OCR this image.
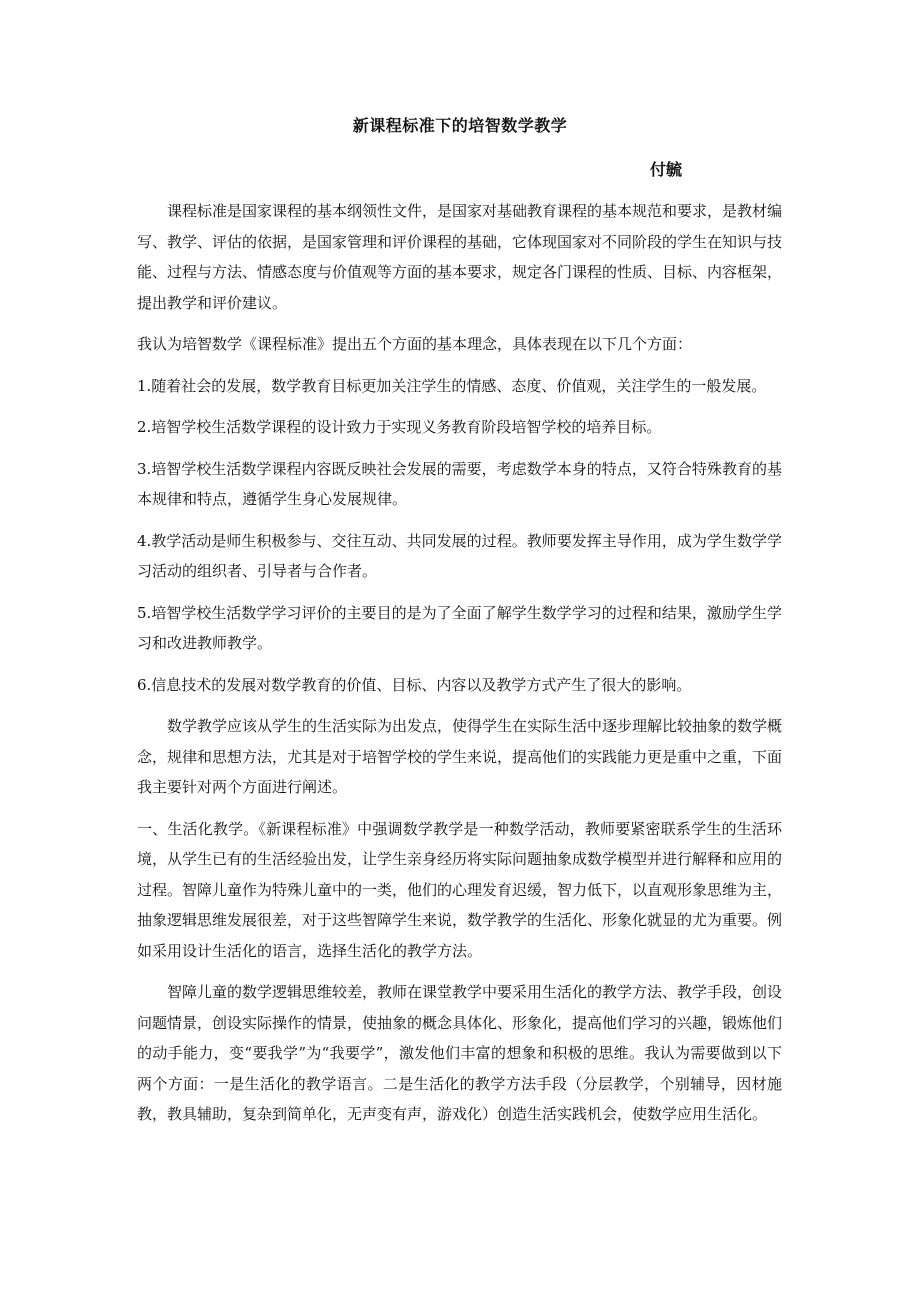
新课程标准下的培智数学教学
付毓

课程标准是国家课程的基本纲领性文件，是国家对基础教育课程的基本规范和要求，是教材编写、教学、评估的依据，是国家管理和评价课程的基础，它体现国家对不同阶段的学生在知识与技能、过程与方法、情感态度与价值观等方面的基本要求，规定各门课程的性质、目标、内容框架，提出教学和评价建议。

我认为培智数学《课程标准》提出五个方面的基本理念，具体表现在以下几个方面：

1.随着社会的发展，数学教育目标更加关注学生的情感、态度、价值观，关注学生的一般发展。

2.培智学校生活数学课程的设计致力于实现义务教育阶段培智学校的培养目标。

3.培智学校生活数学课程内容既反映社会发展的需要，考虑数学本身的特点，又符合特殊教育的基本规律和特点，遵循学生身心发展规律。

4.教学活动是师生积极参与、交往互动、共同发展的过程。教师要发挥主导作用，成为学生数学学习活动的组织者、引导者与合作者。

5.培智学校生活数学学习评价的主要目的是为了全面了解学生数学学习的过程和结果，激励学生学习和改进教师教学。

6.信息技术的发展对数学教育的价值、目标、内容以及教学方式产生了很大的影响。

数学教学应该从学生的生活实际为出发点，使得学生在实际生活中逐步理解比较抽象的数学概念，规律和思想方法，尤其是对于培智学校的学生来说，提高他们的实践能力更是重中之重，下面我主要针对两个方面进行阐述。

一、生活化教学。《新课程标准》中强调数学教学是一种数学活动，教师要紧密联系学生的生活环境，从学生已有的生活经验出发，让学生亲身经历将实际问题抽象成数学模型并进行解释和应用的过程。智障儿童作为特殊儿童中的一类，他们的心理发育迟缓，智力低下，以直观形象思维为主，抽象逻辑思维发展很差，对于这些智障学生来说，数学教学的生活化、形象化就显的尤为重要。例如采用设计生活化的语言，选择生活化的教学方法。

智障儿童的数学逻辑思维较差，教师在课堂教学中要采用生活化的教学方法、教学手段，创设问题情景，创设实际操作的情景，使抽象的概念具体化、形象化，提高他们学习的兴趣，锻炼他们的动手能力，变“要我学”为“我要学”，激发他们丰富的想象和积极的思维。我认为需要做到以下两个方面：一是生活化的教学语言。二是生活化的教学方法手段（分层教学，个别辅导，因材施教，教具辅助，复杂到简单化，无声变有声，游戏化）创造生活实践机会，使数学应用生活化。
